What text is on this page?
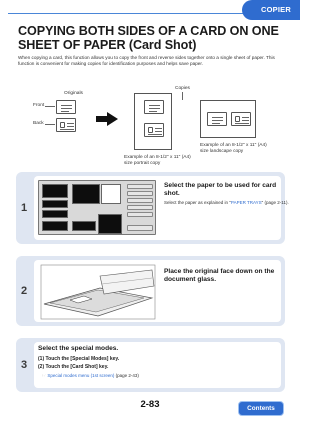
COPIER
COPYING BOTH SIDES OF A CARD ON ONE SHEET OF PAPER (Card Shot)
When copying a card, this function allows you to copy the front and reverse sides together onto a single sheet of paper. This function is convenient for making copies for identification purposes and helps save paper.
Originals
Front
Back
Copies
Example of an 8-1/2" x 11" (A4) size portrait copy
Example of an 8-1/2" x 11" (A4) size landscape copy
1
Select the paper to be used for card shot.
Select the paper as explained in "PAPER TRAYS" (page 2-11).
2
Place the original face down on the document glass.
3
Select the special modes.
(1) Touch the [Special Modes] key.
(2) Touch the [Card Shot] key.
☞ Special modes menu (1st screen) (page 2-43)
2-83	Contents
